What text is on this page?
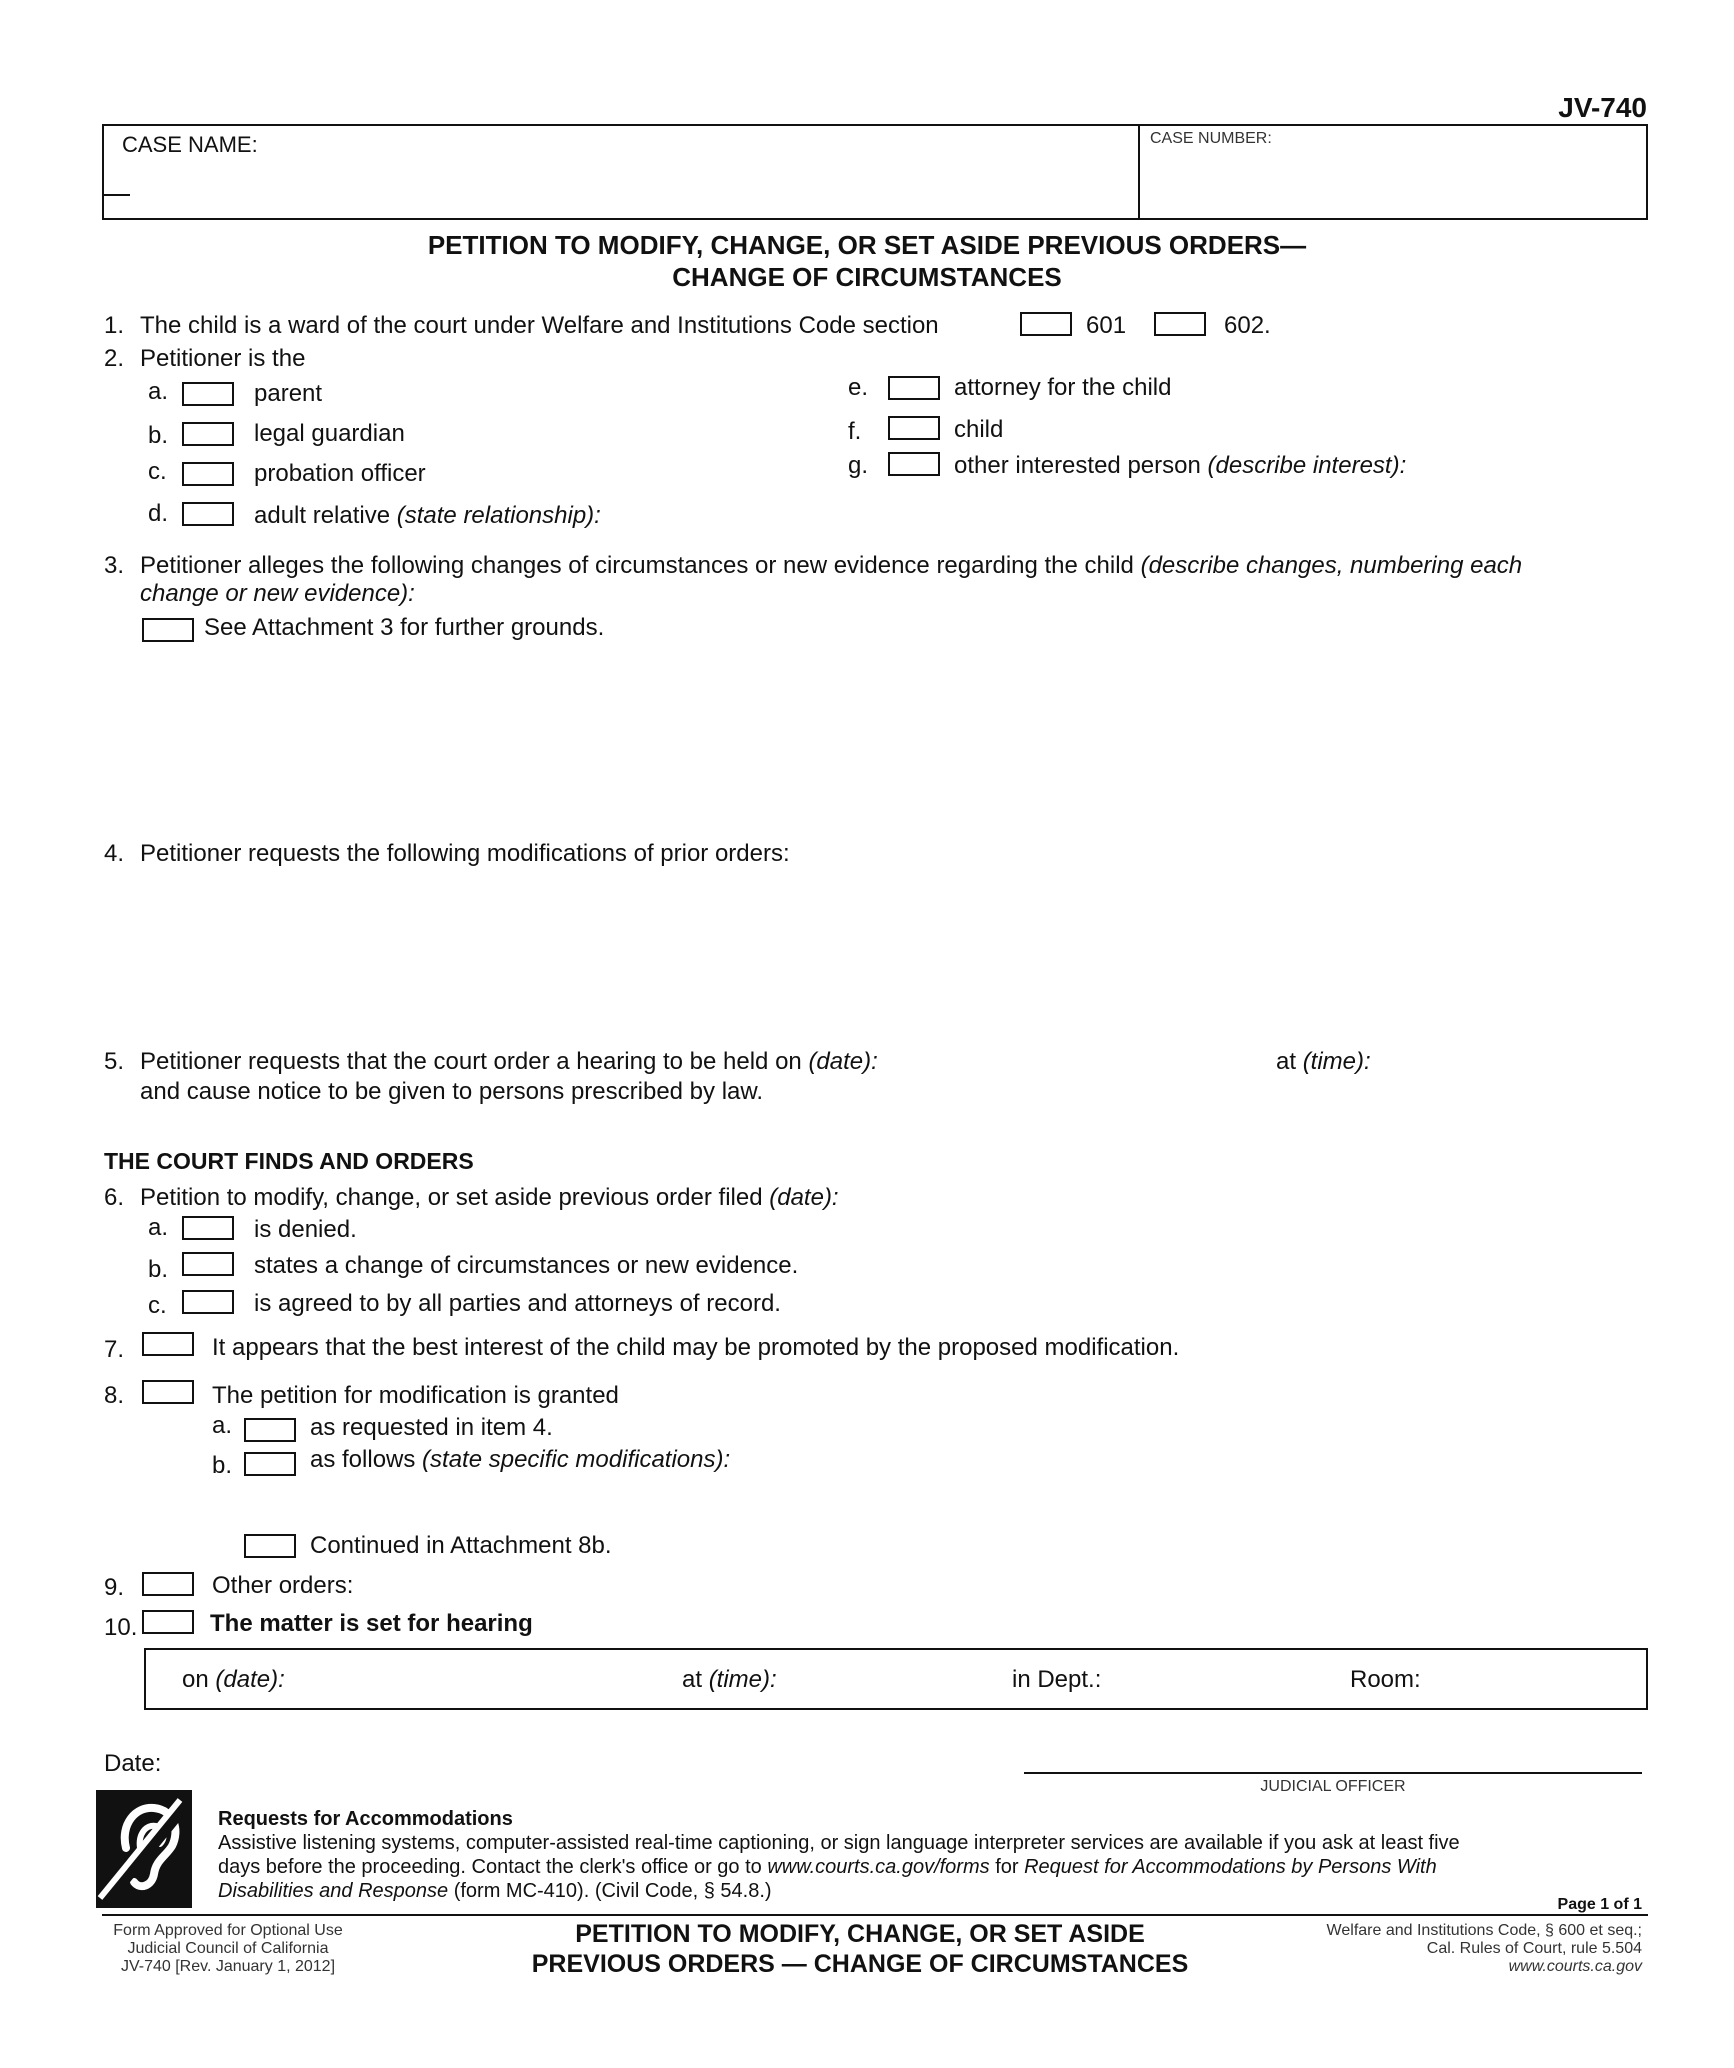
JV-740
CASE NAME:	CASE NUMBER:
PETITION TO MODIFY, CHANGE, OR SET ASIDE PREVIOUS ORDERS—
CHANGE OF CIRCUMSTANCES
1. The child is a ward of the court under Welfare and Institutions Code section	601	602.
2. Petitioner is the
a.	parent
b.	legal guardian
c.	probation officer
d.	adult relative (state relationship):
e.	attorney for the child
f.	child
g.	other interested person (describe interest):
3. Petitioner alleges the following changes of circumstances or new evidence regarding the child (describe changes, numbering each
change or new evidence):
See Attachment 3 for further grounds.
4. Petitioner requests the following modifications of prior orders:
5. Petitioner requests that the court order a hearing to be held on (date):	at (time):
and cause notice to be given to persons prescribed by law.
THE COURT FINDS AND ORDERS
6. Petition to modify, change, or set aside previous order filed (date):
a.	is denied.
b.	states a change of circumstances or new evidence.
c.	is agreed to by all parties and attorneys of record.
7.	It appears that the best interest of the child may be promoted by the proposed modification.
8.	The petition for modification is granted
a.	as requested in item 4.
b.	as follows (state specific modifications):
Continued in Attachment 8b.
9.	Other orders:
10.	The matter is set for hearing
on (date):	at (time):	in Dept.:	Room:
Date:
JUDICIAL OFFICER
Requests for Accommodations
Assistive listening systems, computer-assisted real-time captioning, or sign language interpreter services are available if you ask at least five
days before the proceeding. Contact the clerk's office or go to www.courts.ca.gov/forms for Request for Accommodations by Persons With
Disabilities and Response (form MC-410). (Civil Code, § 54.8.)
Page 1 of 1
Form Approved for Optional Use
Judicial Council of California
JV-740 [Rev. January 1, 2012]
PETITION TO MODIFY, CHANGE, OR SET ASIDE
PREVIOUS ORDERS — CHANGE OF CIRCUMSTANCES
Welfare and Institutions Code, § 600 et seq.;
Cal. Rules of Court, rule 5.504
www.courts.ca.gov
